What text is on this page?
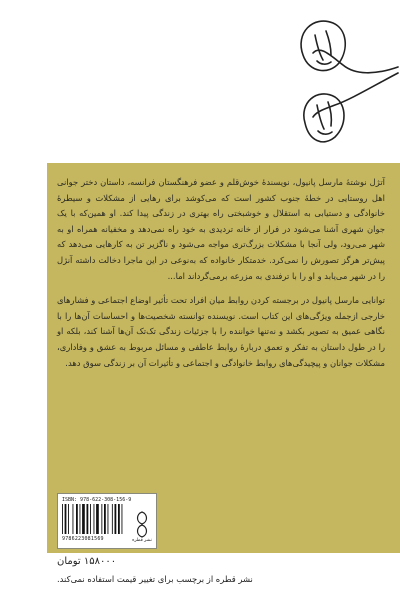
آتژل نوشتهٔ مارسل پانیول، نویسندهٔ خوش‌قلم و عضو فرهنگستان فرانسه، داستان دختر جوانی اهل روستایی در خطهٔ جنوب کشور است که می‌کوشد برای رهایی از مشکلات و سیطرهٔ خانوادگی و دستیابی به استقلال و خوشبختی راه بهتری در زندگی پیدا کند. او همین‌که با یک جوان شهری آشنا می‌شود در فرار از خانه تردیدی به خود راه نمی‌دهد و مخفیانه همراه او به شهر می‌رود، ولی آنجا با مشکلات بزرگ‌تری مواجه می‌شود و ناگزیر تن به کارهایی می‌دهد که پیش‌تر هرگز تصورش را نمی‌کرد. خدمتکار خانواده که به‌نوعی در این ماجرا دخالت داشته آنژل را در شهر می‌یابد و او را با ترفندی به مزرعه برمی‌گرداند اما...

توانایی مارسل پانیول در برجسته کردن روابط میان افراد تحت تأثیر اوضاع اجتماعی و فشارهای خارجی ازجمله ویژگی‌های این کتاب است. نویسنده توانسته شخصیت‌ها و احساسات آن‌ها را با نگاهی عمیق به تصویر بکشد و نه‌تنها خواننده را با جزئیات زندگی تک‌تک آن‌ها آشنا کند، بلکه او را در طول داستان به تفکر و تعمق دربارهٔ روابط عاطفی و مسائل مربوط به عشق و وفاداری، مشکلات جوانان و پیچیدگی‌های روابط خانوادگی و اجتماعی و تأثیرات آن بر زندگی سوق دهد.

ISBN: 978-622-308-156-9
9786223081569	نشر قطره
۱۵۸۰۰۰ تومان
نشر قطره از برچسب برای تغییر قیمت استفاده نمی‌کند.
